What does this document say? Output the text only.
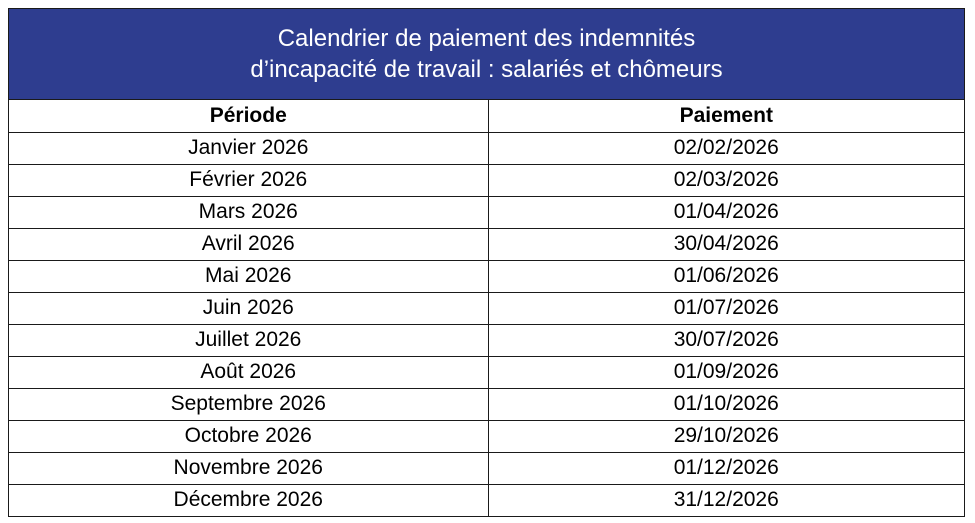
Calendrier de paiement des indemnités
d’incapacité de travail : salariés et chômeurs
Période	Paiement
Janvier 2026	02/02/2026
Février 2026	02/03/2026
Mars 2026	01/04/2026
Avril 2026	30/04/2026
Mai 2026	01/06/2026
Juin 2026	01/07/2026
Juillet 2026	30/07/2026
Août 2026	01/09/2026
Septembre 2026	01/10/2026
Octobre 2026	29/10/2026
Novembre 2026	01/12/2026
Décembre 2026	31/12/2026
